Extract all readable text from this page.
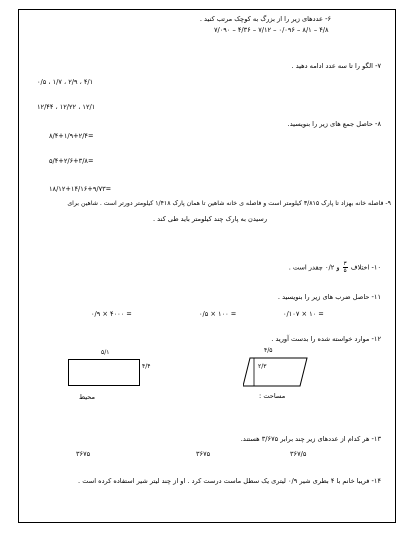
۶- عددهای زیر را از بزرگ به کوچک مرتب کنید .
۷/۰۹۰ – ۴/۳۶ – ۷/۱۲ – ۰/۰۹۶ – ۸/۱ – ۴/۸
۷- الگو را تا سه عدد ادامه دهید .
۰/۵ ، ۱/۷ ، ۲/۹ ، ۴/۱
۱۲/۴۴ ، ۱۲/۲۲ ، ۱۲/۱
۸- حاصل جمع های زیر را بنویسید.
۸/۴+۱/۹+۲/۴=
۵/۴+۲/۶+۳/۸=
۱۸/۱۲+۱۴/۱۶+۹/۷۳=
۹- فاصله خانه بهزاد تا پارک ۳/۸۱۵ کیلومتر است و فاصله ی خانه شاهین تا همان پارک ۱/۴۱۸ کیلومتر دورتر است . شاهین برای
رسیدن به پارک چند کیلومتر باید طی کند .
۱۰- اختلاف
$\frac{۳}{۵}$
و ۰/۲ چقدر است .
۱۱- حاصل ضرب های زیر را بنویسید .
۰/۱۰۷ × ۱۰ =
۰/۵ × ۱۰۰ =
۰/۹ × ۴۰۰۰ =
۱۲- موارد خواسته شده را بدست آورید .
۵/۱
۴/۴
محیط
۴/۵
۲/۳
مساحت :
۱۳- هر کدام از عددهای زیر چند برابر ۳/۶۷۵ هستند.
۳۶۷/۵
۳۶۷۵
۳۶۷۵
۱۴- فریبا خانم با ۴ بطری شیر ۰/۹ لیتری یک سطل ماست درست کرد . او از چند لیتر شیر استفاده کرده است .
